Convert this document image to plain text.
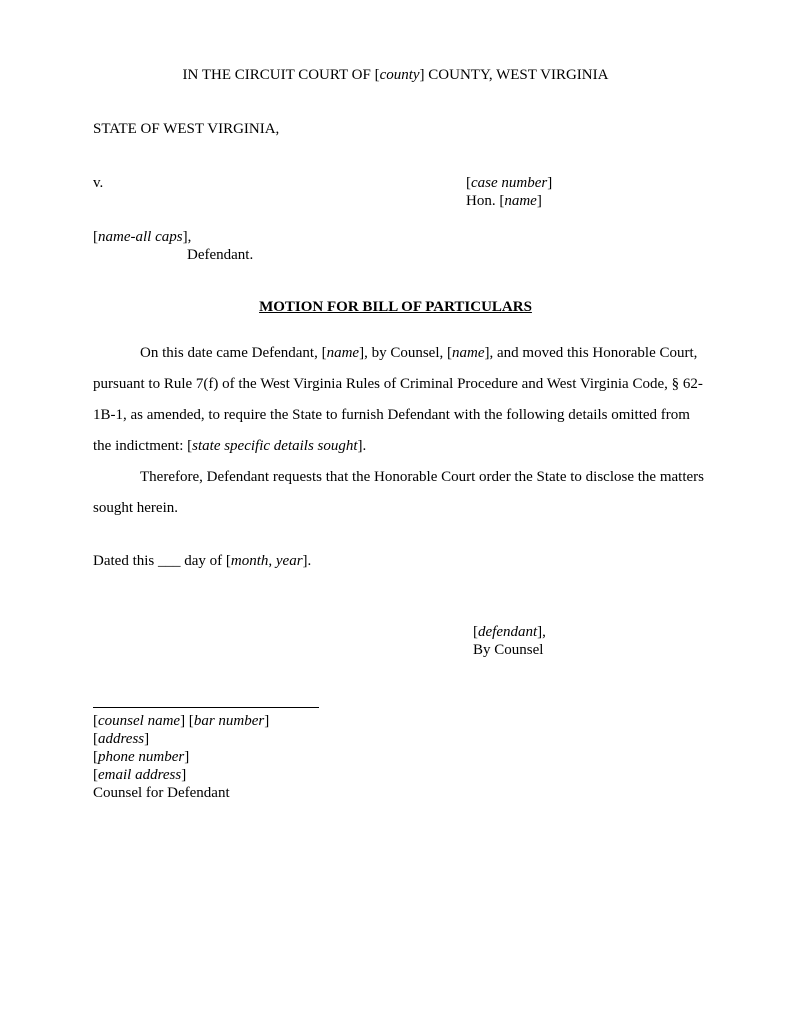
IN THE CIRCUIT COURT OF [county] COUNTY, WEST VIRGINIA
STATE OF WEST VIRGINIA,
v.	[case number]
Hon. [name]
[name-all caps],
Defendant.
MOTION FOR BILL OF PARTICULARS
On this date came Defendant, [name], by Counsel, [name], and moved this Honorable Court, pursuant to Rule 7(f) of the West Virginia Rules of Criminal Procedure and West Virginia Code, § 62-1B-1, as amended, to require the State to furnish Defendant with the following details omitted from the indictment: [state specific details sought].
Therefore, Defendant requests that the Honorable Court order the State to disclose the matters sought herein.
Dated this ___ day of [month, year].
[defendant],
By Counsel
[counsel name] [bar number]
[address]
[phone number]
[email address]
Counsel for Defendant
